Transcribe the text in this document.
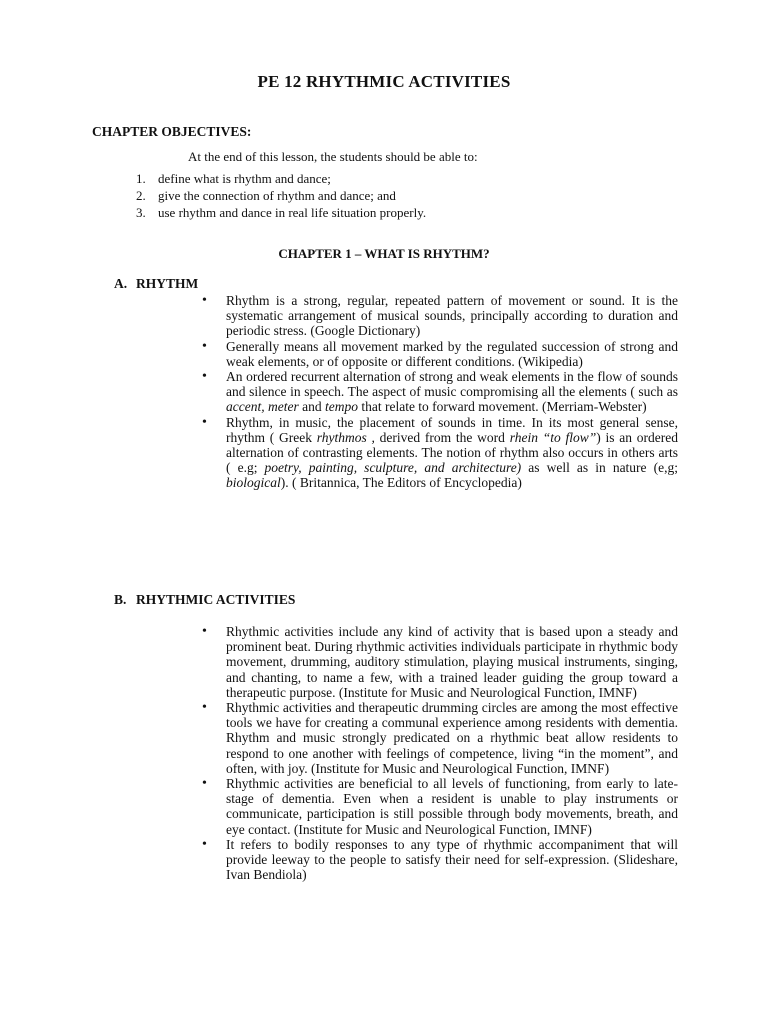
PE 12 RHYTHMIC ACTIVITIES
CHAPTER OBJECTIVES:
At the end of this lesson, the students should be able to:
1. define what is rhythm and dance;
2. give the connection of rhythm and dance; and
3. use rhythm and dance in real life situation properly.
CHAPTER 1 – WHAT IS RHYTHM?
A. RHYTHM

• Rhythm is a strong, regular, repeated pattern of movement or sound. It is the systematic arrangement of musical sounds, principally according to duration and periodic stress. (Google Dictionary)

• Generally means all movement marked by the regulated succession of strong and weak elements, or of opposite or different conditions. (Wikipedia)

• An ordered recurrent alternation of strong and weak elements in the flow of sounds and silence in speech. The aspect of music compromising all the elements ( such as accent, meter and tempo that relate to forward movement. (Merriam-Webster)

• Rhythm, in music, the placement of sounds in time. In its most general sense, rhythm ( Greek rhythmos , derived from the word rhein “to flow”) is an ordered alternation of contrasting elements. The notion of rhythm also occurs in others arts ( e.g; poetry, painting, sculpture, and architecture) as well as in nature (e,g; biological). ( Britannica, The Editors of Encyclopedia)

B. RHYTHMIC ACTIVITIES

• Rhythmic activities include any kind of activity that is based upon a steady and prominent beat. During rhythmic activities individuals participate in rhythmic body movement, drumming, auditory stimulation, playing musical instruments, singing, and chanting, to name a few, with a trained leader guiding the group toward a therapeutic purpose. (Institute for Music and Neurological Function, IMNF)

• Rhythmic activities and therapeutic drumming circles are among the most effective tools we have for creating a communal experience among residents with dementia. Rhythm and music strongly predicated on a rhythmic beat allow residents to respond to one another with feelings of competence, living “in the moment”, and often, with joy. (Institute for Music and Neurological Function, IMNF)

• Rhythmic activities are beneficial to all levels of functioning, from early to late-stage of dementia. Even when a resident is unable to play instruments or communicate, participation is still possible through body movements, breath, and eye contact. (Institute for Music and Neurological Function, IMNF)

• It refers to bodily responses to any type of rhythmic accompaniment that will provide leeway to the people to satisfy their need for self-expression. (Slideshare, Ivan Bendiola)
